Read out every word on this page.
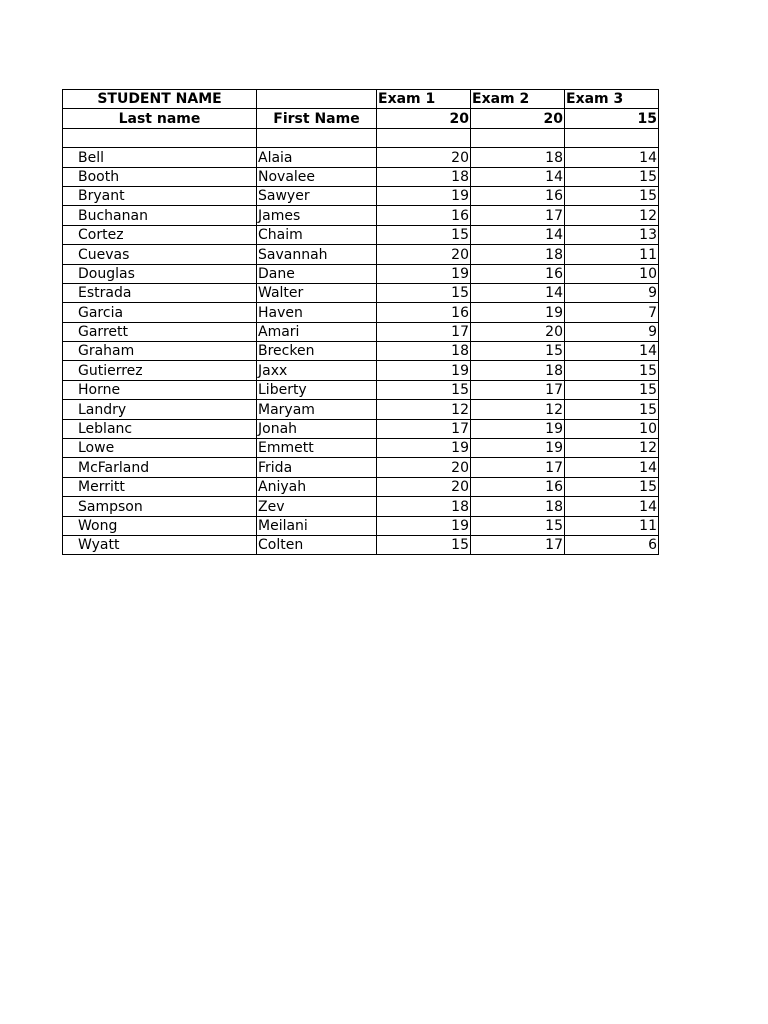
STUDENT NAME		Exam 1	Exam 2	Exam 3
Last name	First Name	20	20	15

Bell	Alaia	20	18	14
Booth	Novalee	18	14	15
Bryant	Sawyer	19	16	15
Buchanan	James	16	17	12
Cortez	Chaim	15	14	13
Cuevas	Savannah	20	18	11
Douglas	Dane	19	16	10
Estrada	Walter	15	14	9
Garcia	Haven	16	19	7
Garrett	Amari	17	20	9
Graham	Brecken	18	15	14
Gutierrez	Jaxx	19	18	15
Horne	Liberty	15	17	15
Landry	Maryam	12	12	15
Leblanc	Jonah	17	19	10
Lowe	Emmett	19	19	12
McFarland	Frida	20	17	14
Merritt	Aniyah	20	16	15
Sampson	Zev	18	18	14
Wong	Meilani	19	15	11
Wyatt	Colten	15	17	6
